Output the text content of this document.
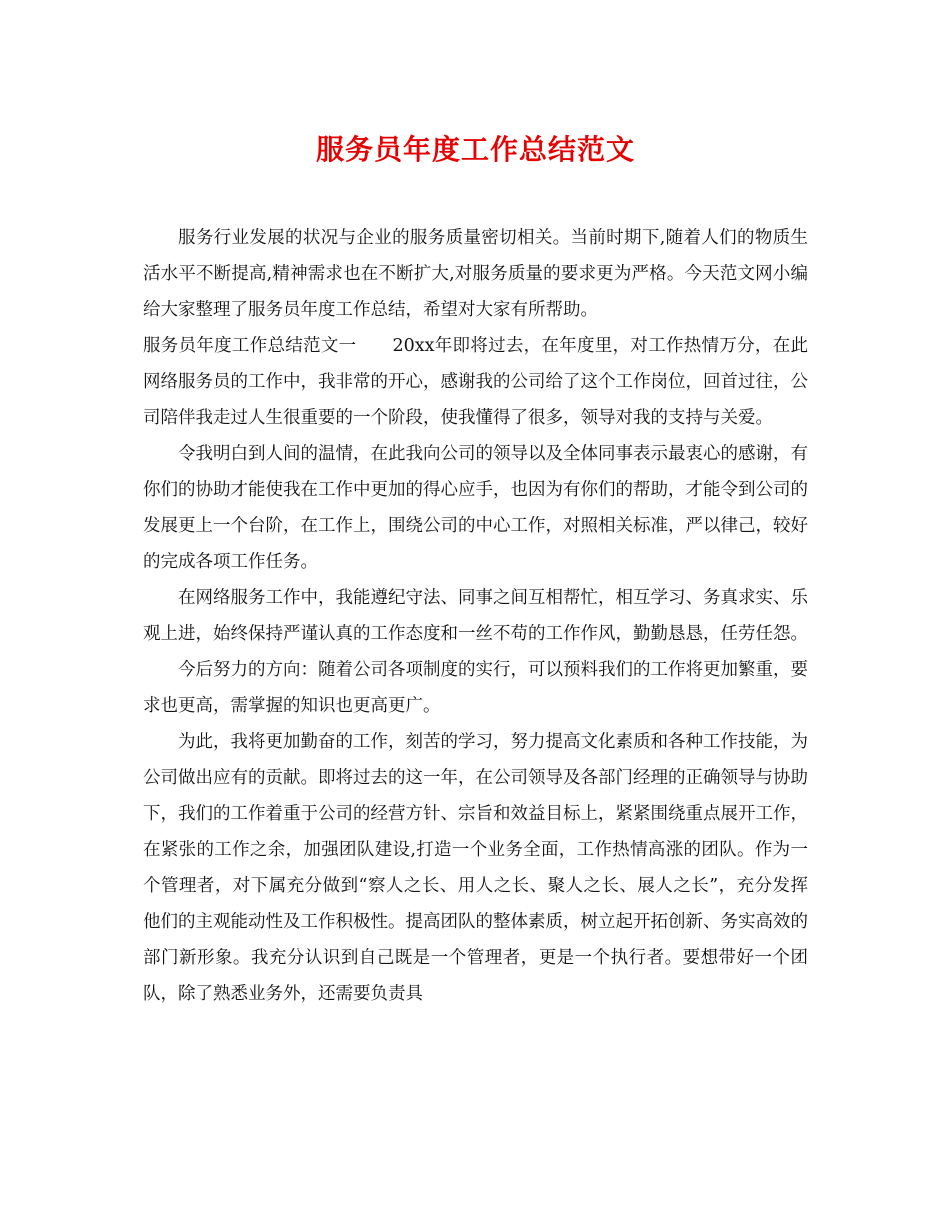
服务员年度工作总结范文

服务行业发展的状况与企业的服务质量密切相关。当前时期下,随着人们的物质生活水平不断提高,精神需求也在不断扩大,对服务质量的要求更为严格。今天范文网小编给大家整理了服务员年度工作总结，希望对大家有所帮助。

服务员年度工作总结范文一 20xx年即将过去，在年度里，对工作热情万分，在此网络服务员的工作中，我非常的开心，感谢我的公司给了这个工作岗位，回首过往，公司陪伴我走过人生很重要的一个阶段，使我懂得了很多，领导对我的支持与关爱。

令我明白到人间的温情，在此我向公司的领导以及全体同事表示最衷心的感谢，有你们的协助才能使我在工作中更加的得心应手，也因为有你们的帮助，才能令到公司的发展更上一个台阶，在工作上，围绕公司的中心工作，对照相关标准，严以律己，较好的完成各项工作任务。

在网络服务工作中，我能遵纪守法、同事之间互相帮忙，相互学习、务真求实、乐观上进，始终保持严谨认真的工作态度和一丝不苟的工作作风，勤勤恳恳，任劳任怨。

今后努力的方向：随着公司各项制度的实行，可以预料我们的工作将更加繁重，要求也更高，需掌握的知识也更高更广。

为此，我将更加勤奋的工作，刻苦的学习，努力提高文化素质和各种工作技能，为公司做出应有的贡献。即将过去的这一年，在公司领导及各部门经理的正确领导与协助下，我们的工作着重于公司的经营方针、宗旨和效益目标上，紧紧围绕重点展开工作，在紧张的工作之余，加强团队建设,打造一个业务全面，工作热情高涨的团队。作为一个管理者，对下属充分做到“察人之长、用人之长、聚人之长、展人之长”，充分发挥他们的主观能动性及工作积极性。提高团队的整体素质，树立起开拓创新、务实高效的部门新形象。我充分认识到自己既是一个管理者，更是一个执行者。要想带好一个团队，除了熟悉业务外，还需要负责具
